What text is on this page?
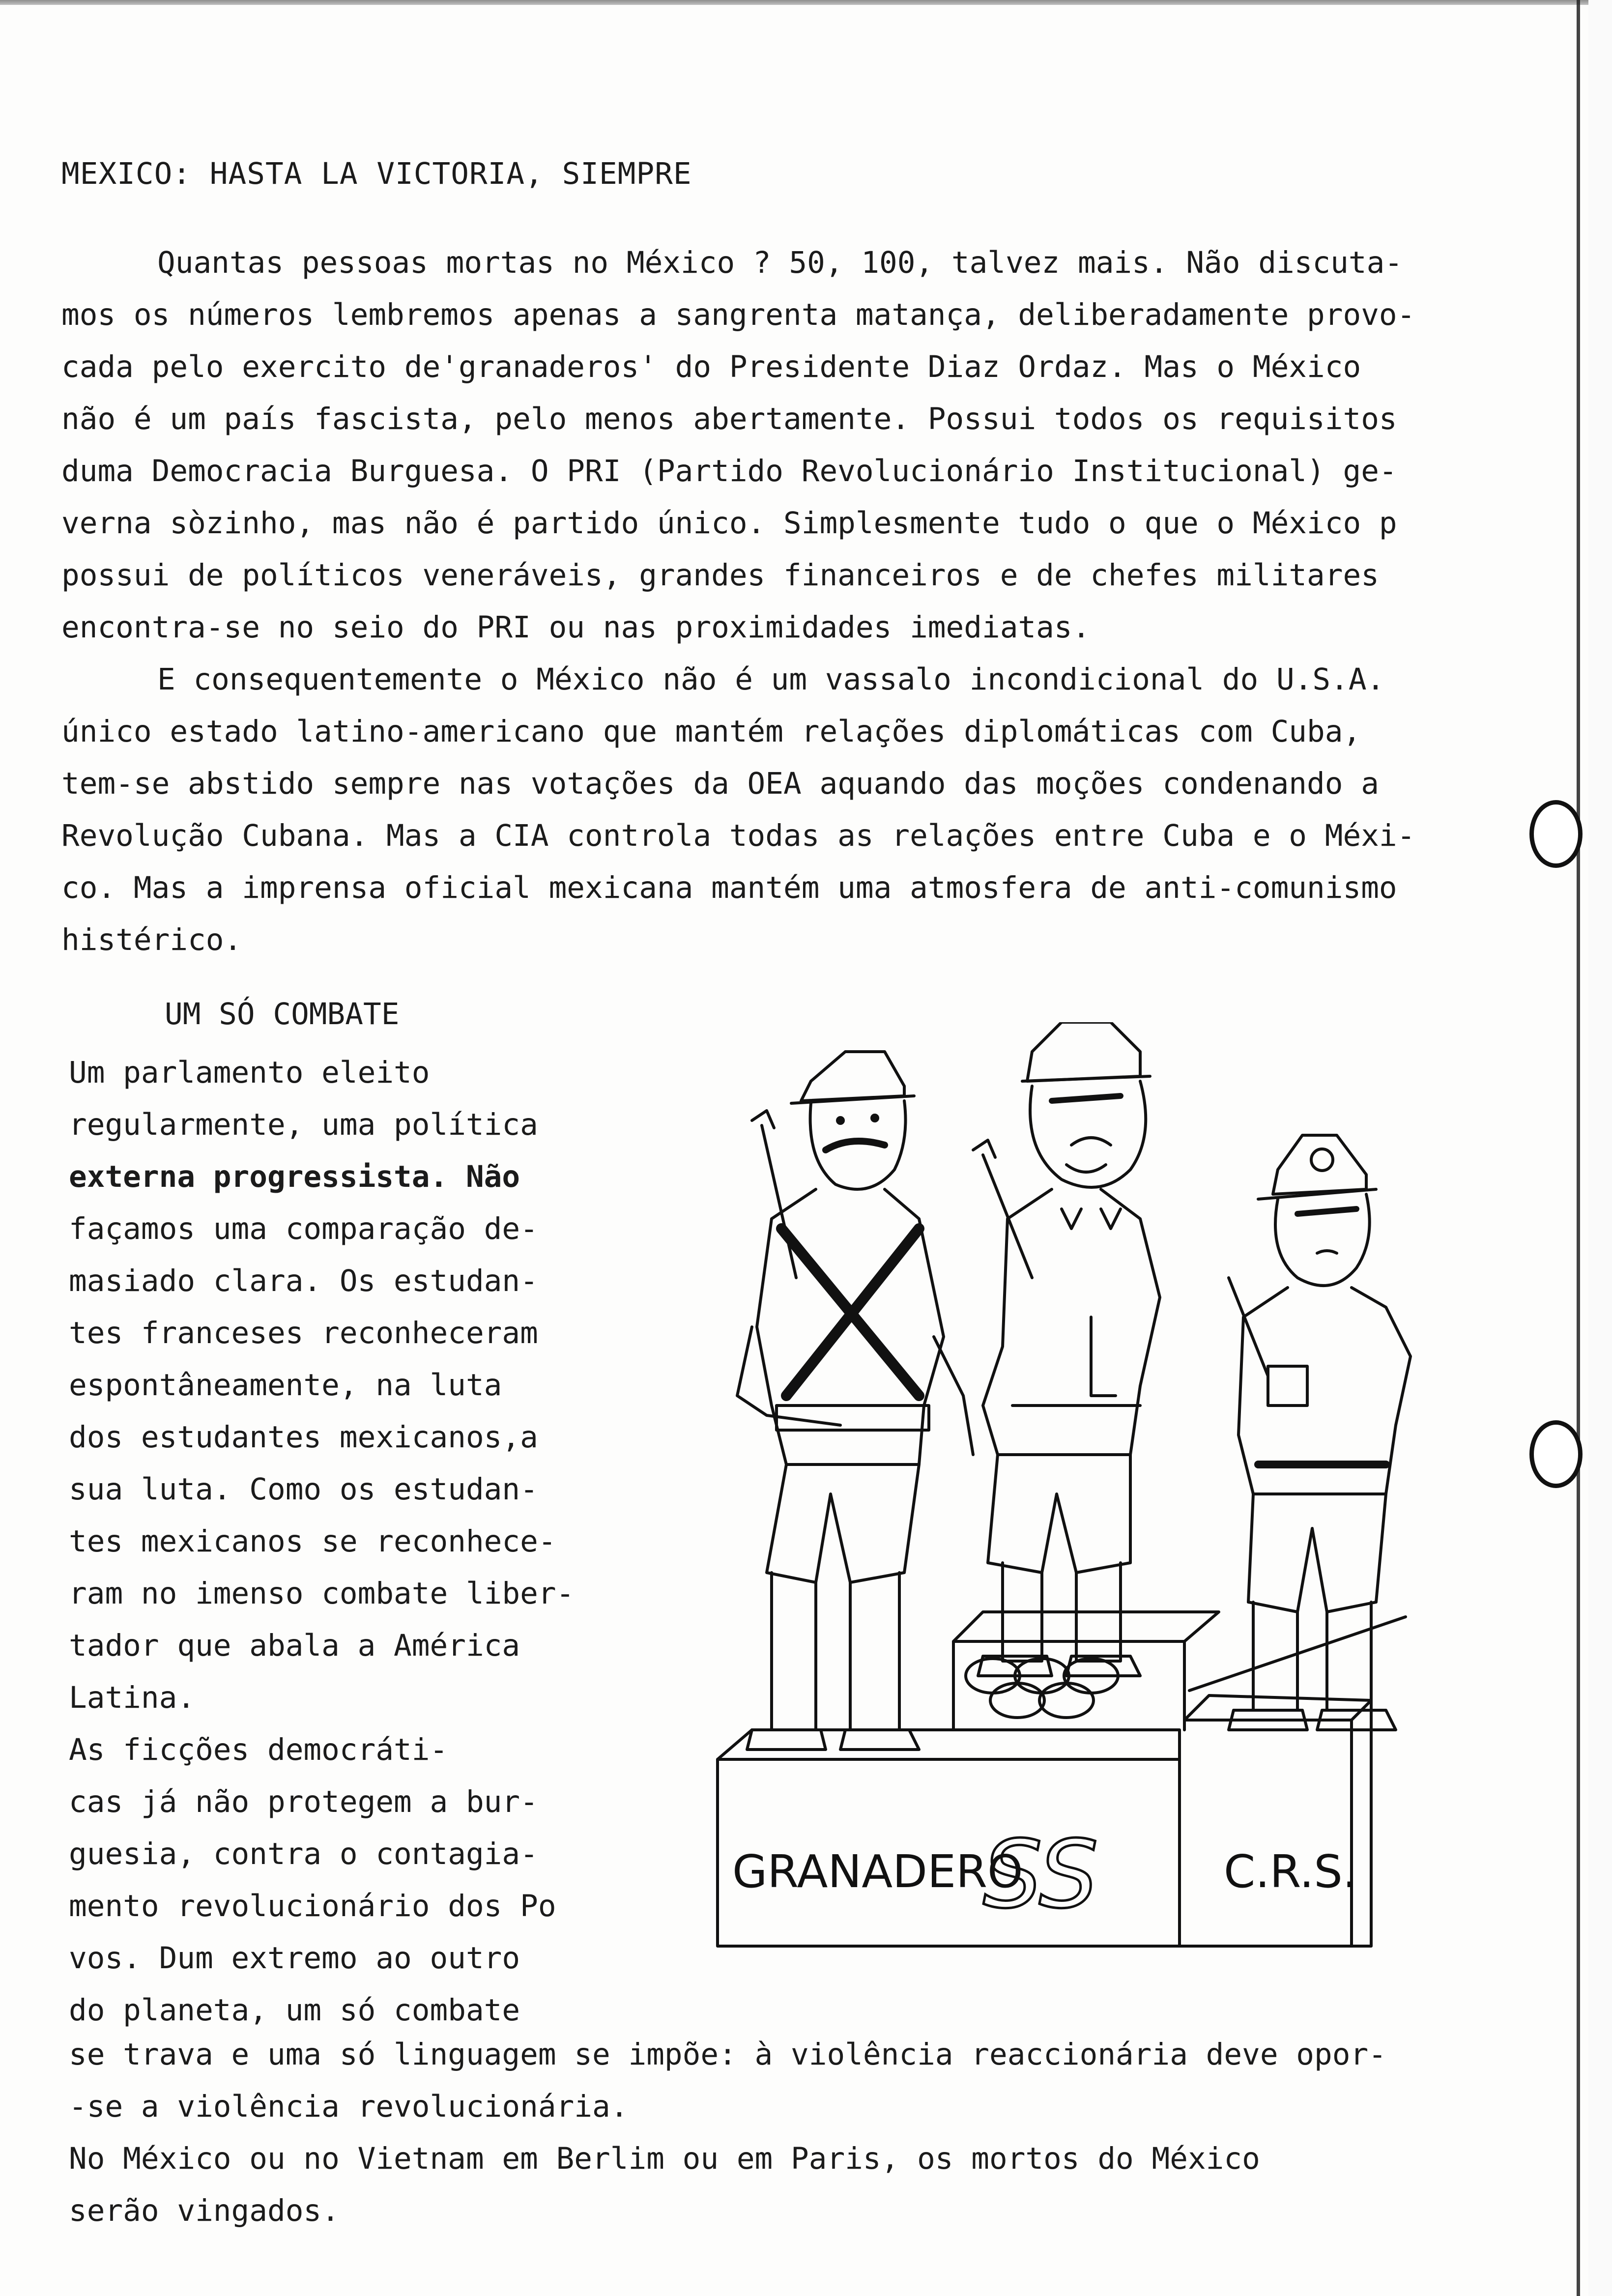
MEXICO: HASTA LA VICTORIA, SIEMPRE
Quantas pessoas mortas no México ? 50, 100, talvez mais. Não discuta-
mos os números lembremos apenas a sangrenta matança, deliberadamente provo-
cada pelo exercito de'granaderos' do Presidente Diaz Ordaz. Mas o México
não é um país fascista, pelo menos abertamente. Possui todos os requisitos
duma Democracia Burguesa. O PRI (Partido Revolucionário Institucional) ge-
verna sòzinho, mas não é partido único. Simplesmente tudo o que o México p
possui de políticos veneráveis, grandes financeiros e de chefes militares
encontra-se no seio do PRI ou nas proximidades imediatas.
E consequentemente o México não é um vassalo incondicional do U.S.A.
único estado latino-americano que mantém relações diplomáticas com Cuba,
tem-se abstido sempre nas votações da OEA aquando das moções condenando a
Revolução Cubana. Mas a CIA controla todas as relações entre Cuba e o Méxi-
co. Mas a imprensa oficial mexicana mantém uma atmosfera de anti-comunismo
histérico.
UM SÓ COMBATE
Um parlamento eleito
regularmente, uma política
externa progressista. Não
façamos uma comparação de-
masiado clara. Os estudan-
tes franceses reconheceram
espontâneamente, na luta
dos estudantes mexicanos,a
sua luta. Como os estudan-
tes mexicanos se reconhece-
ram no imenso combate liber-
tador que abala a América
Latina.
As ficções democráti-
cas já não protegem a bur-
guesia, contra o contagia-
mento revolucionário dos Po
vos. Dum extremo ao outro
do planeta, um só combate
se trava e uma só linguagem se impõe: à violência reaccionária deve opor-
-se a violência revolucionária.
No México ou no Vietnam em Berlim ou em Paris, os mortos do México
serão vingados.
GRANADERO
SS	C.R.S.
